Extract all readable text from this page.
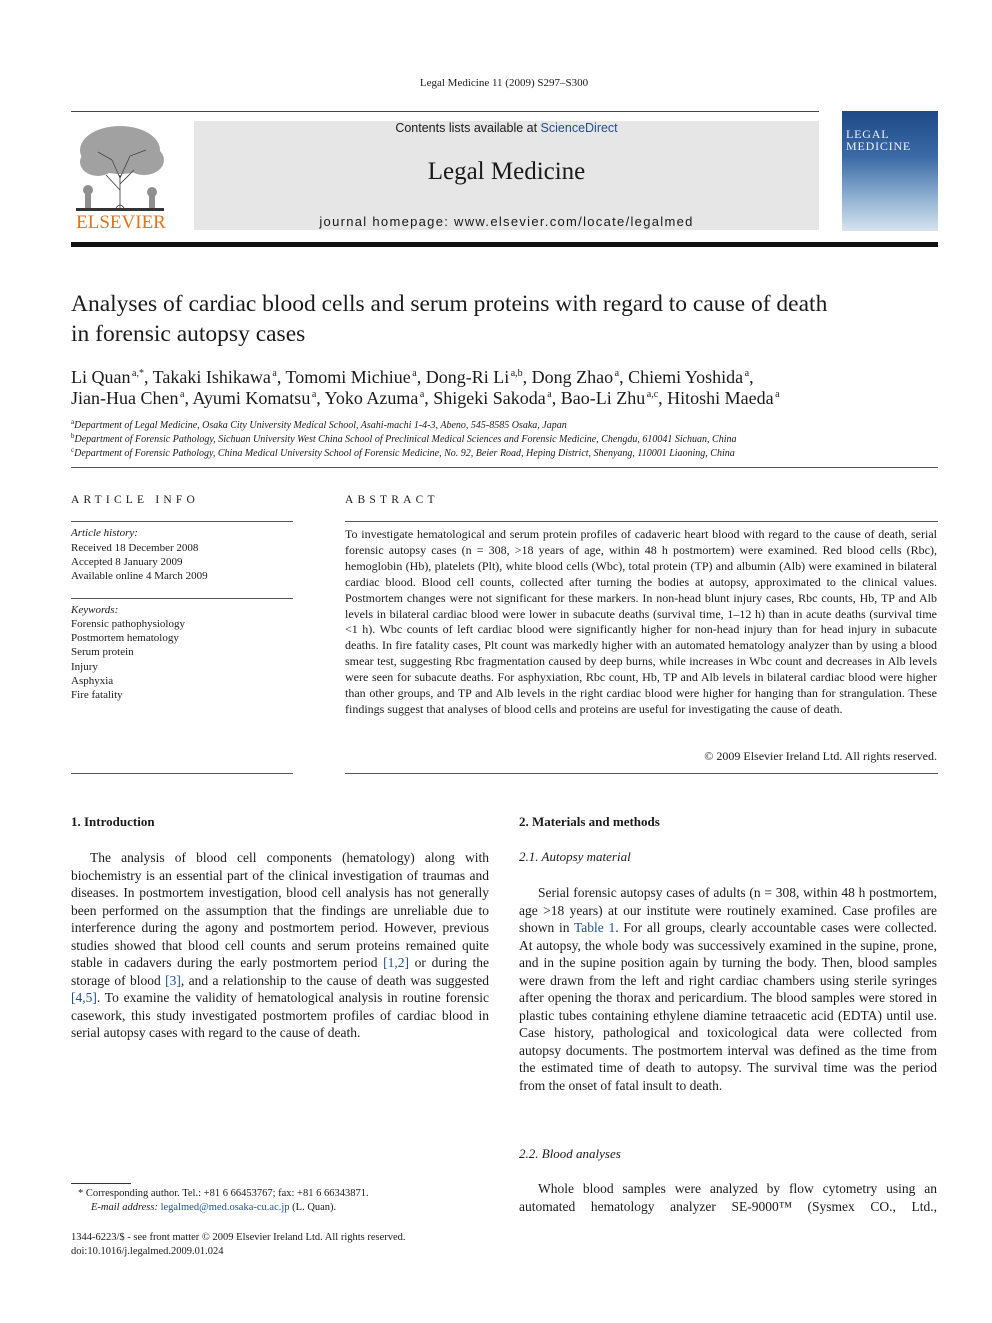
Legal Medicine 11 (2009) S297–S300
ELSEVIER
Contents lists available at ScienceDirect
Legal Medicine
journal homepage: www.elsevier.com/locate/legalmed
LEGAL
MEDICINE
Analyses of cardiac blood cells and serum proteins with regard to cause of death
in forensic autopsy cases
Li Quan  $^{a,*}$, Takaki Ishikawa  $^a$, Tomomi Michiue  $^a$, Dong-Ri Li  $^{a,b}$, Dong Zhao  $^a$, Chiemi Yoshida  $^a$,
Jian-Hua Chen  $^a$, Ayumi Komatsu  $^a$, Yoko Azuma  $^a$, Shigeki Sakoda  $^a$, Bao-Li Zhu  $^{a,c}$, Hitoshi Maeda  $^a$
$^a$Department of Legal Medicine, Osaka City University Medical School, Asahi-machi 1-4-3, Abeno, 545-8585 Osaka, Japan
$^b$Department of Forensic Pathology, Sichuan University West China School of Preclinical Medical Sciences and Forensic Medicine, Chengdu, 610041 Sichuan, China
$^c$Department of Forensic Pathology, China Medical University School of Forensic Medicine, No. 92, Beier Road, Heping District, Shenyang, 110001 Liaoning, China
ARTICLE INFO
Article history:
Received 18 December 2008
Accepted 8 January 2009
Available online 4 March 2009
Keywords:
Forensic pathophysiology
Postmortem hematology
Serum protein
Injury
Asphyxia
Fire fatality
ABSTRACT
To investigate hematological and serum protein profiles of cadaveric heart blood with regard to the cause of death, serial forensic autopsy cases (n = 308, >18 years of age, within 48 h postmortem) were examined. Red blood cells (Rbc), hemoglobin (Hb), platelets (Plt), white blood cells (Wbc), total protein (TP) and albumin (Alb) were examined in bilateral cardiac blood. Blood cell counts, collected after turning the bodies at autopsy, approximated to the clinical values. Postmortem changes were not significant for these markers. In non-head blunt injury cases, Rbc counts, Hb, TP and Alb levels in bilateral cardiac blood were lower in subacute deaths (survival time, 1–12 h) than in acute deaths (survival time <1 h). Wbc counts of left cardiac blood were significantly higher for non-head injury than for head injury in subacute deaths. In fire fatality cases, Plt count was markedly higher with an automated hematology analyzer than by using a blood smear test, suggesting Rbc fragmentation caused by deep burns, while increases in Wbc count and decreases in Alb levels were seen for subacute deaths. For asphyxiation, Rbc count, Hb, TP and Alb levels in bilateral cardiac blood were higher than other groups, and TP and Alb levels in the right cardiac blood were higher for hanging than for strangulation. These findings suggest that analyses of blood cells and proteins are useful for investigating the cause of death.
© 2009 Elsevier Ireland Ltd. All rights reserved.
1. Introduction
The analysis of blood cell components (hematology) along with biochemistry is an essential part of the clinical investigation of traumas and diseases. In postmortem investigation, blood cell analysis has not generally been performed on the assumption that the findings are unreliable due to interference during the agony and postmortem period. However, previous studies showed that blood cell counts and serum proteins remained quite stable in cadavers during the early postmortem period [1,2] or during the storage of blood [3], and a relationship to the cause of death was suggested [4,5]. To examine the validity of hematological analysis in routine forensic casework, this study investigated postmortem profiles of cardiac blood in serial autopsy cases with regard to the cause of death.
2. Materials and methods
2.1. Autopsy material
Serial forensic autopsy cases of adults (n = 308, within 48 h postmortem, age >18 years) at our institute were routinely examined. Case profiles are shown in Table 1. For all groups, clearly accountable cases were collected. At autopsy, the whole body was successively examined in the supine, prone, and in the supine position again by turning the body. Then, blood samples were drawn from the left and right cardiac chambers using sterile syringes after opening the thorax and pericardium. The blood samples were stored in plastic tubes containing ethylene diamine tetraacetic acid (EDTA) until use. Case history, pathological and toxicological data were collected from autopsy documents. The postmortem interval was defined as the time from the estimated time of death to autopsy. The survival time was the period from the onset of fatal insult to death.
2.2. Blood analyses
Whole blood samples were analyzed by flow cytometry using an automated hematology analyzer SE-9000™ (Sysmex CO., Ltd.,
* Corresponding author. Tel.: +81 6 66453767; fax: +81 6 66343871.
E-mail address: legalmed@med.osaka-cu.ac.jp (L. Quan).
1344-6223/$ - see front matter © 2009 Elsevier Ireland Ltd. All rights reserved.
doi:10.1016/j.legalmed.2009.01.024
